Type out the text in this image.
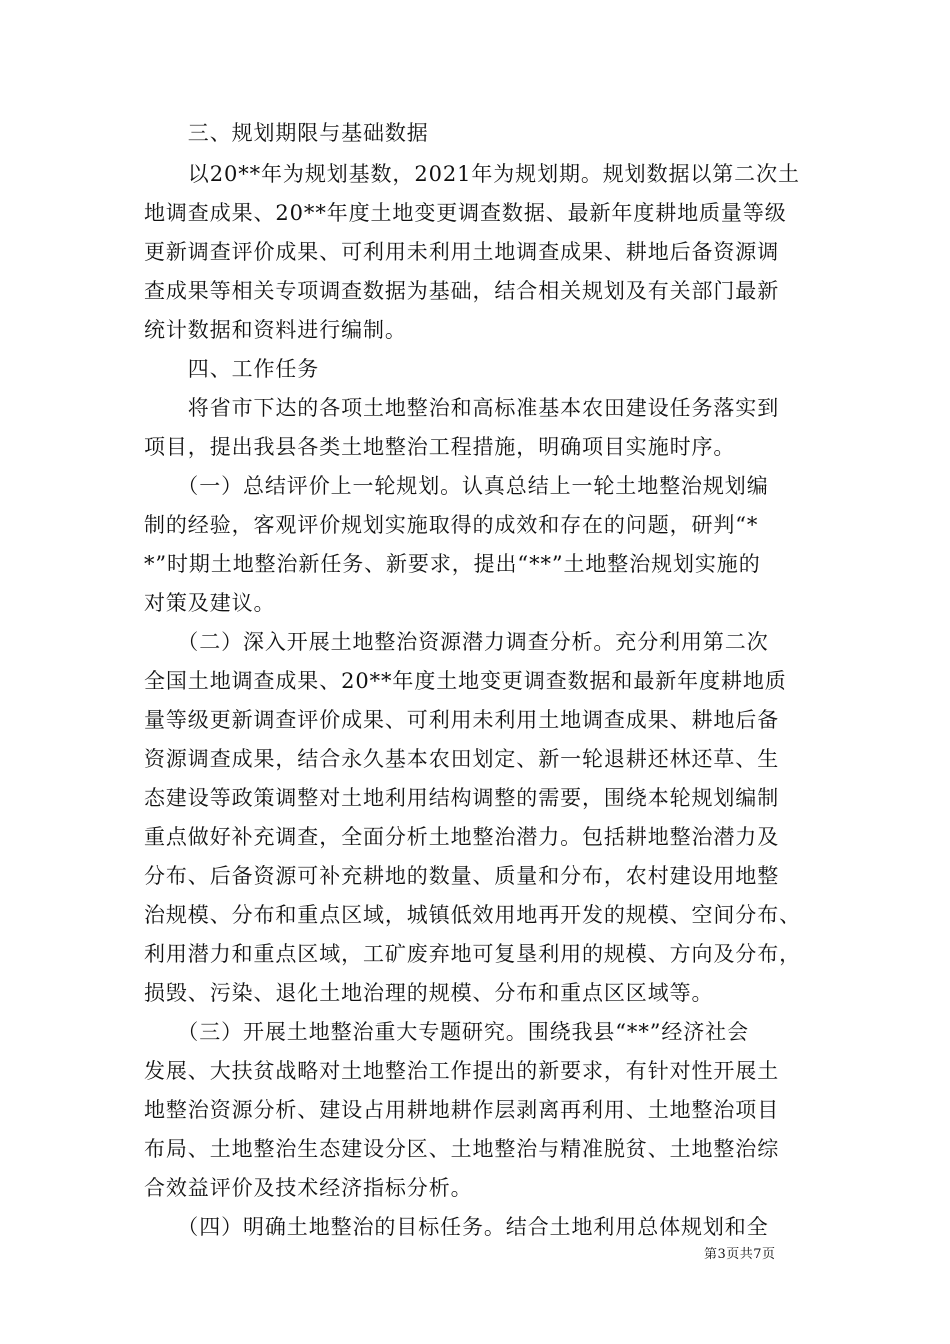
　　三、规划期限与基础数据
　　以20**年为规划基数，2021年为规划期。规划数据以第二次土
地调查成果、20**年度土地变更调查数据、最新年度耕地质量等级
更新调查评价成果、可利用未利用土地调查成果、耕地后备资源调
查成果等相关专项调查数据为基础，结合相关规划及有关部门最新
统计数据和资料进行编制。
　　四、工作任务
　　将省市下达的各项土地整治和高标准基本农田建设任务落实到
项目，提出我县各类土地整治工程措施，明确项目实施时序。
　　（一）总结评价上一轮规划。认真总结上一轮土地整治规划编
制的经验，客观评价规划实施取得的成效和存在的问题，研判“*
*”时期土地整治新任务、新要求，提出“**”土地整治规划实施的
对策及建议。
　　（二）深入开展土地整治资源潜力调查分析。充分利用第二次
全国土地调查成果、20**年度土地变更调查数据和最新年度耕地质
量等级更新调查评价成果、可利用未利用土地调查成果、耕地后备
资源调查成果，结合永久基本农田划定、新一轮退耕还林还草、生
态建设等政策调整对土地利用结构调整的需要，围绕本轮规划编制
重点做好补充调查，全面分析土地整治潜力。包括耕地整治潜力及
分布、后备资源可补充耕地的数量、质量和分布，农村建设用地整
治规模、分布和重点区域，城镇低效用地再开发的规模、空间分布、
利用潜力和重点区域，工矿废弃地可复垦利用的规模、方向及分布，
损毁、污染、退化土地治理的规模、分布和重点区区域等。
　　（三）开展土地整治重大专题研究。围绕我县“**”经济社会
发展、大扶贫战略对土地整治工作提出的新要求，有针对性开展土
地整治资源分析、建设占用耕地耕作层剥离再利用、土地整治项目
布局、土地整治生态建设分区、土地整治与精准脱贫、土地整治综
合效益评价及技术经济指标分析。
　　（四）明确土地整治的目标任务。结合土地利用总体规划和全
第3页共7页
